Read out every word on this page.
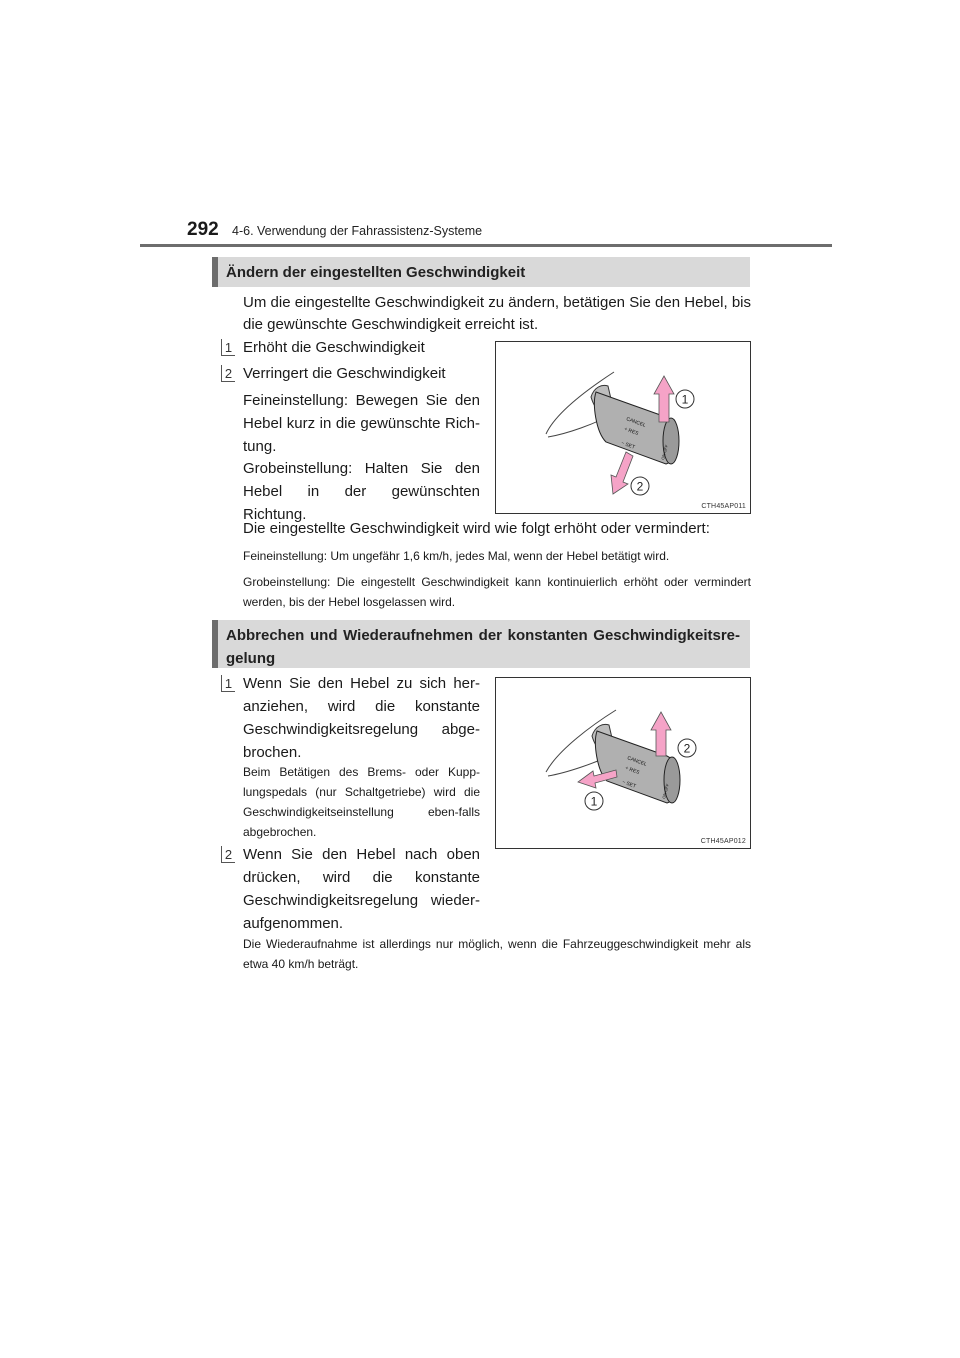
292 4-6. Verwendung der Fahrassistenz-Systeme
Ändern der eingestellten Geschwindigkeit
Um die eingestellte Geschwindigkeit zu ändern, betätigen Sie den Hebel, bis die gewünschte Geschwindigkeit erreicht ist.
1 Erhöht die Geschwindigkeit
2 Verringert die Geschwindigkeit
Feineinstellung: Bewegen Sie den Hebel kurz in die gewünschte Rich-tung.
Grobeinstellung: Halten Sie den Hebel in der gewünschten Richtung.
CANCEL
+ RES
− SET	ON-OFF
1
2
CTH45AP011
Die eingestellte Geschwindigkeit wird wie folgt erhöht oder vermindert:
Feineinstellung: Um ungefähr 1,6 km/h, jedes Mal, wenn der Hebel betätigt wird.
Grobeinstellung: Die eingestellt Geschwindigkeit kann kontinuierlich erhöht oder vermindert werden, bis der Hebel losgelassen wird.
Abbrechen und Wiederaufnehmen der konstanten Geschwindigkeitsre-gelung
1 Wenn Sie den Hebel zu sich her-anziehen, wird die konstante Geschwindigkeitsregelung abge-brochen.
Beim Betätigen des Brems- oder Kupp-lungspedals (nur Schaltgetriebe) wird die Geschwindigkeitseinstellung eben-falls abgebrochen.
CANCEL
+ RES
− SET	ON-OFF
2
1
CTH45AP012
2 Wenn Sie den Hebel nach oben drücken, wird die konstante Geschwindigkeitsregelung wieder-aufgenommen.
Die Wiederaufnahme ist allerdings nur möglich, wenn die Fahrzeuggeschwindigkeit mehr als etwa 40 km/h beträgt.
